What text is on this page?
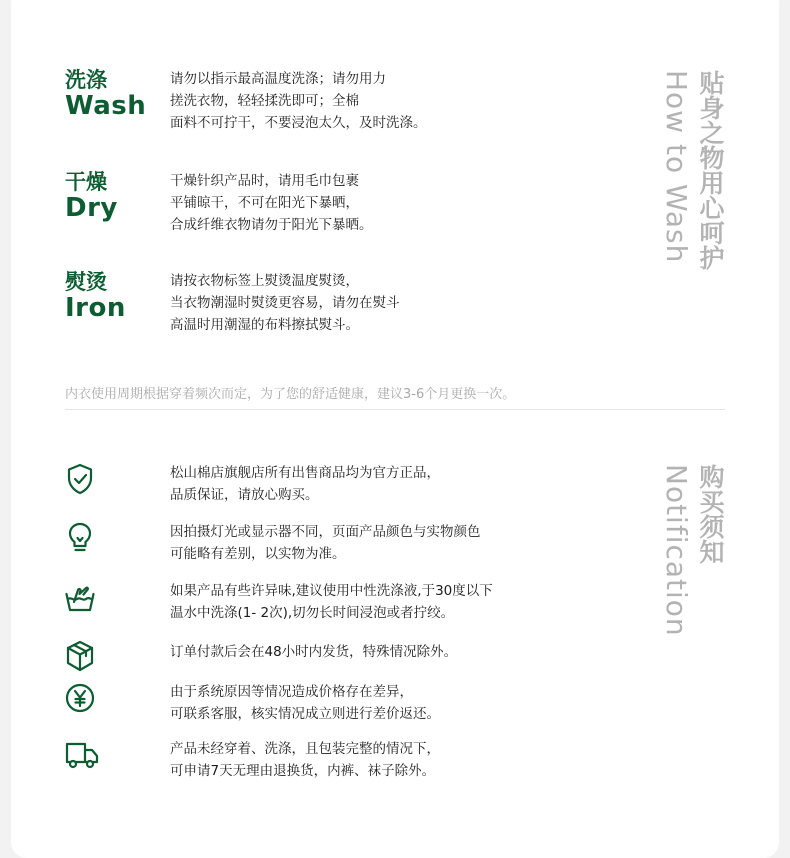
贴身之物用心呵护
How to Wash
洗涤
Wash
请勿以指示最高温度洗涤；请勿用力
搓洗衣物，轻轻揉洗即可；全棉
面料不可拧干，不要浸泡太久，及时洗涤。
干燥
Dry
干燥针织产品时，请用毛巾包裹
平铺晾干，不可在阳光下暴晒，
合成纤维衣物请勿于阳光下暴晒。
熨烫
Iron
请按衣物标签上熨烫温度熨烫，
当衣物潮湿时熨烫更容易，请勿在熨斗
高温时用潮湿的布料擦拭熨斗。
内衣使用周期根据穿着频次而定，为了您的舒适健康，建议3-6个月更换一次。
购买须知
Notification
松山棉店旗舰店所有出售商品均为官方正品，
品质保证，请放心购买。
因拍摄灯光或显示器不同，页面产品颜色与实物颜色
可能略有差别，以实物为准。
如果产品有些许异味,建议使用中性洗涤液,于30度以下
温水中洗涤(1- 2次),切勿长时间浸泡或者拧绞。
订单付款后会在48小时内发货，特殊情况除外。
由于系统原因等情况造成价格存在差异，
可联系客服，核实情况成立则进行差价返还。
产品未经穿着、洗涤，且包装完整的情况下，
可申请7天无理由退换货，内裤、袜子除外。
